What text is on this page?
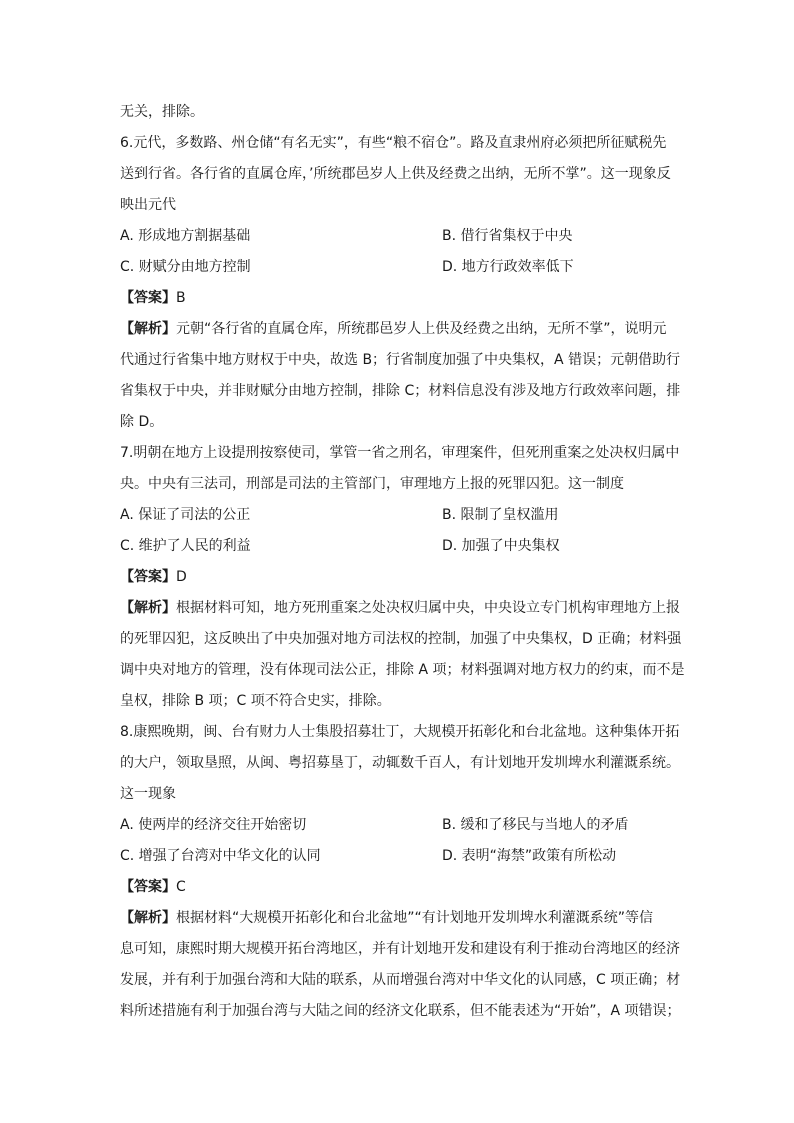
无关，排除。

6.元代，多数路、州仓储“有名无实”，有些“粮不宿仓”。路及直隶州府必须把所征赋税先

送到行省。各行省的直属仓库，’所统郡邑岁人上供及经费之出纳，无所不掌”。这一现象反

映出元代

A. 形成地方割据基础	B. 借行省集权于中央
C. 财赋分由地方控制	D. 地方行政效率低下
【答案】B

【解析】元朝“各行省的直属仓库，所统郡邑岁人上供及经费之出纳，无所不掌”，说明元

代通过行省集中地方财权于中央，故选 B；行省制度加强了中央集权，A 错误；元朝借助行

省集权于中央，并非财赋分由地方控制，排除 C；材料信息没有涉及地方行政效率问题，排

除 D。

7.明朝在地方上设提刑按察使司，掌管一省之刑名，审理案件，但死刑重案之处决权归属中

央。中央有三法司，刑部是司法的主管部门，审理地方上报的死罪囚犯。这一制度

A. 保证了司法的公正	B. 限制了皇权滥用
C. 维护了人民的利益	D. 加强了中央集权
【答案】D

【解析】根据材料可知，地方死刑重案之处决权归属中央，中央设立专门机构审理地方上报

的死罪囚犯，这反映出了中央加强对地方司法权的控制，加强了中央集权，D 正确；材料强

调中央对地方的管理，没有体现司法公正，排除 A 项；材料强调对地方权力的约束，而不是

皇权，排除 B 项；C 项不符合史实，排除。

8.康熙晚期，闽、台有财力人士集股招募壮丁，大规模开拓彰化和台北盆地。这种集体开拓

的大户，领取垦照，从闽、粤招募垦丁，动辄数千百人，有计划地开发圳埤水利灌溉系统。

这一现象

A. 使两岸的经济交往开始密切	B. 缓和了移民与当地人的矛盾
C. 增强了台湾对中华文化的认同	D. 表明“海禁”政策有所松动
【答案】C

【解析】根据材料“大规模开拓彰化和台北盆地”“有计划地开发圳埤水利灌溉系统”等信

息可知，康熙时期大规模开拓台湾地区，并有计划地开发和建设有利于推动台湾地区的经济

发展，并有利于加强台湾和大陆的联系，从而增强台湾对中华文化的认同感，C 项正确；材

料所述措施有利于加强台湾与大陆之间的经济文化联系，但不能表述为“开始”，A 项错误；
